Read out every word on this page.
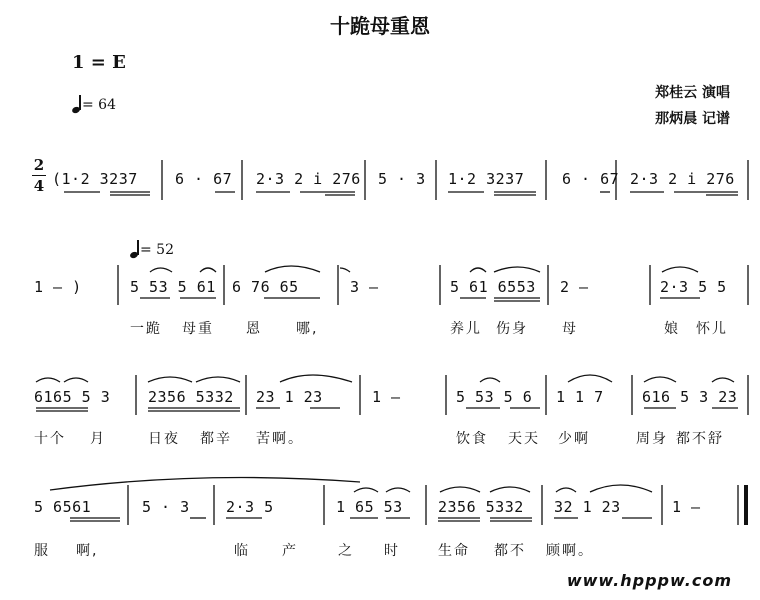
十跪母重恩
1 = E
= 64
郑桂云 演唱
那炳晨 记谱
2
4 (1·2 3237 6 · 67 2·3 2 i 276 5 · 3 1·2 3237	6 · 67 2·3 2 i 276
= 52
1 – )	5 53 5 61 6 76 65	3 –	5 61 6553 2 –	2·3 5 5
一跪 母重 恩 哪,	养儿 伤身 母	娘 怀儿
6165 5 3	2356 5332 23 1 23	1 –	5 53 5 6 1 1 7	616 5 3 23
十个 月	日夜 都辛 苦啊。	饮食 天天 少啊	周身 都不舒
5 6561	5 · 3 2·3 5	1 65 53 2356 5332 32 1 23	1 –
服 啊,	临 产	之 时	生命 都不 顾啊。
www.hpppw.com
